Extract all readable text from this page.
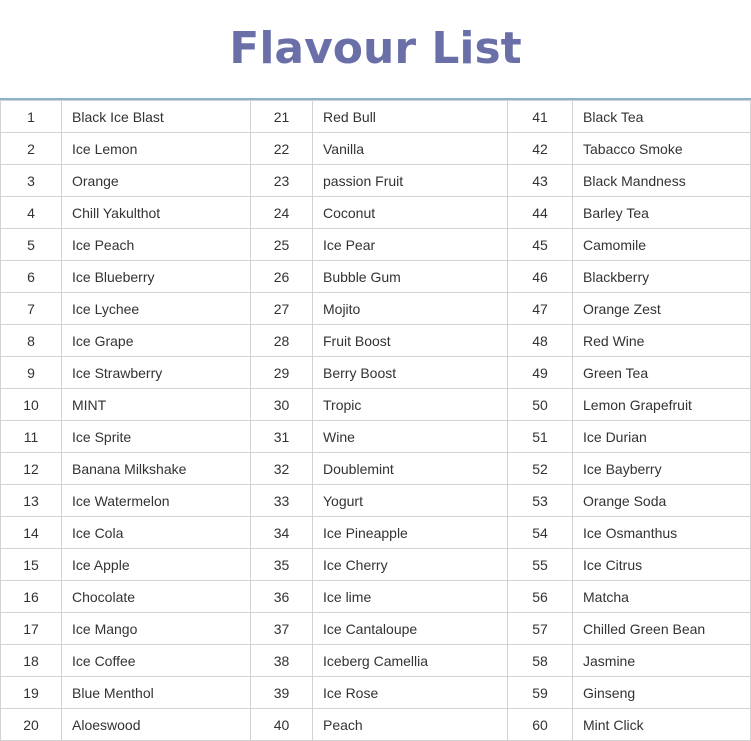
Flavour List
1	Black Ice Blast	21	Red Bull	41	Black Tea
2	Ice Lemon	22	Vanilla	42	Tabacco Smoke
3	Orange	23	passion Fruit	43	Black Mandness
4	Chill Yakulthot	24	Coconut	44	Barley Tea
5	Ice Peach	25	Ice Pear	45	Camomile
6	Ice Blueberry	26	Bubble Gum	46	Blackberry
7	Ice Lychee	27	Mojito	47	Orange Zest
8	Ice Grape	28	Fruit Boost	48	Red Wine
9	Ice Strawberry	29	Berry Boost	49	Green Tea
10	MINT	30	Tropic	50	Lemon Grapefruit
11	Ice Sprite	31	Wine	51	Ice Durian
12	Banana Milkshake	32	Doublemint	52	Ice Bayberry
13	Ice Watermelon	33	Yogurt	53	Orange Soda
14	Ice Cola	34	Ice Pineapple	54	Ice Osmanthus
15	Ice Apple	35	Ice Cherry	55	Ice Citrus
16	Chocolate	36	Ice lime	56	Matcha
17	Ice Mango	37	Ice Cantaloupe	57	Chilled Green Bean
18	Ice Coffee	38	Iceberg Camellia	58	Jasmine
19	Blue Menthol	39	Ice Rose	59	Ginseng
20	Aloeswood	40	Peach	60	Mint Click
